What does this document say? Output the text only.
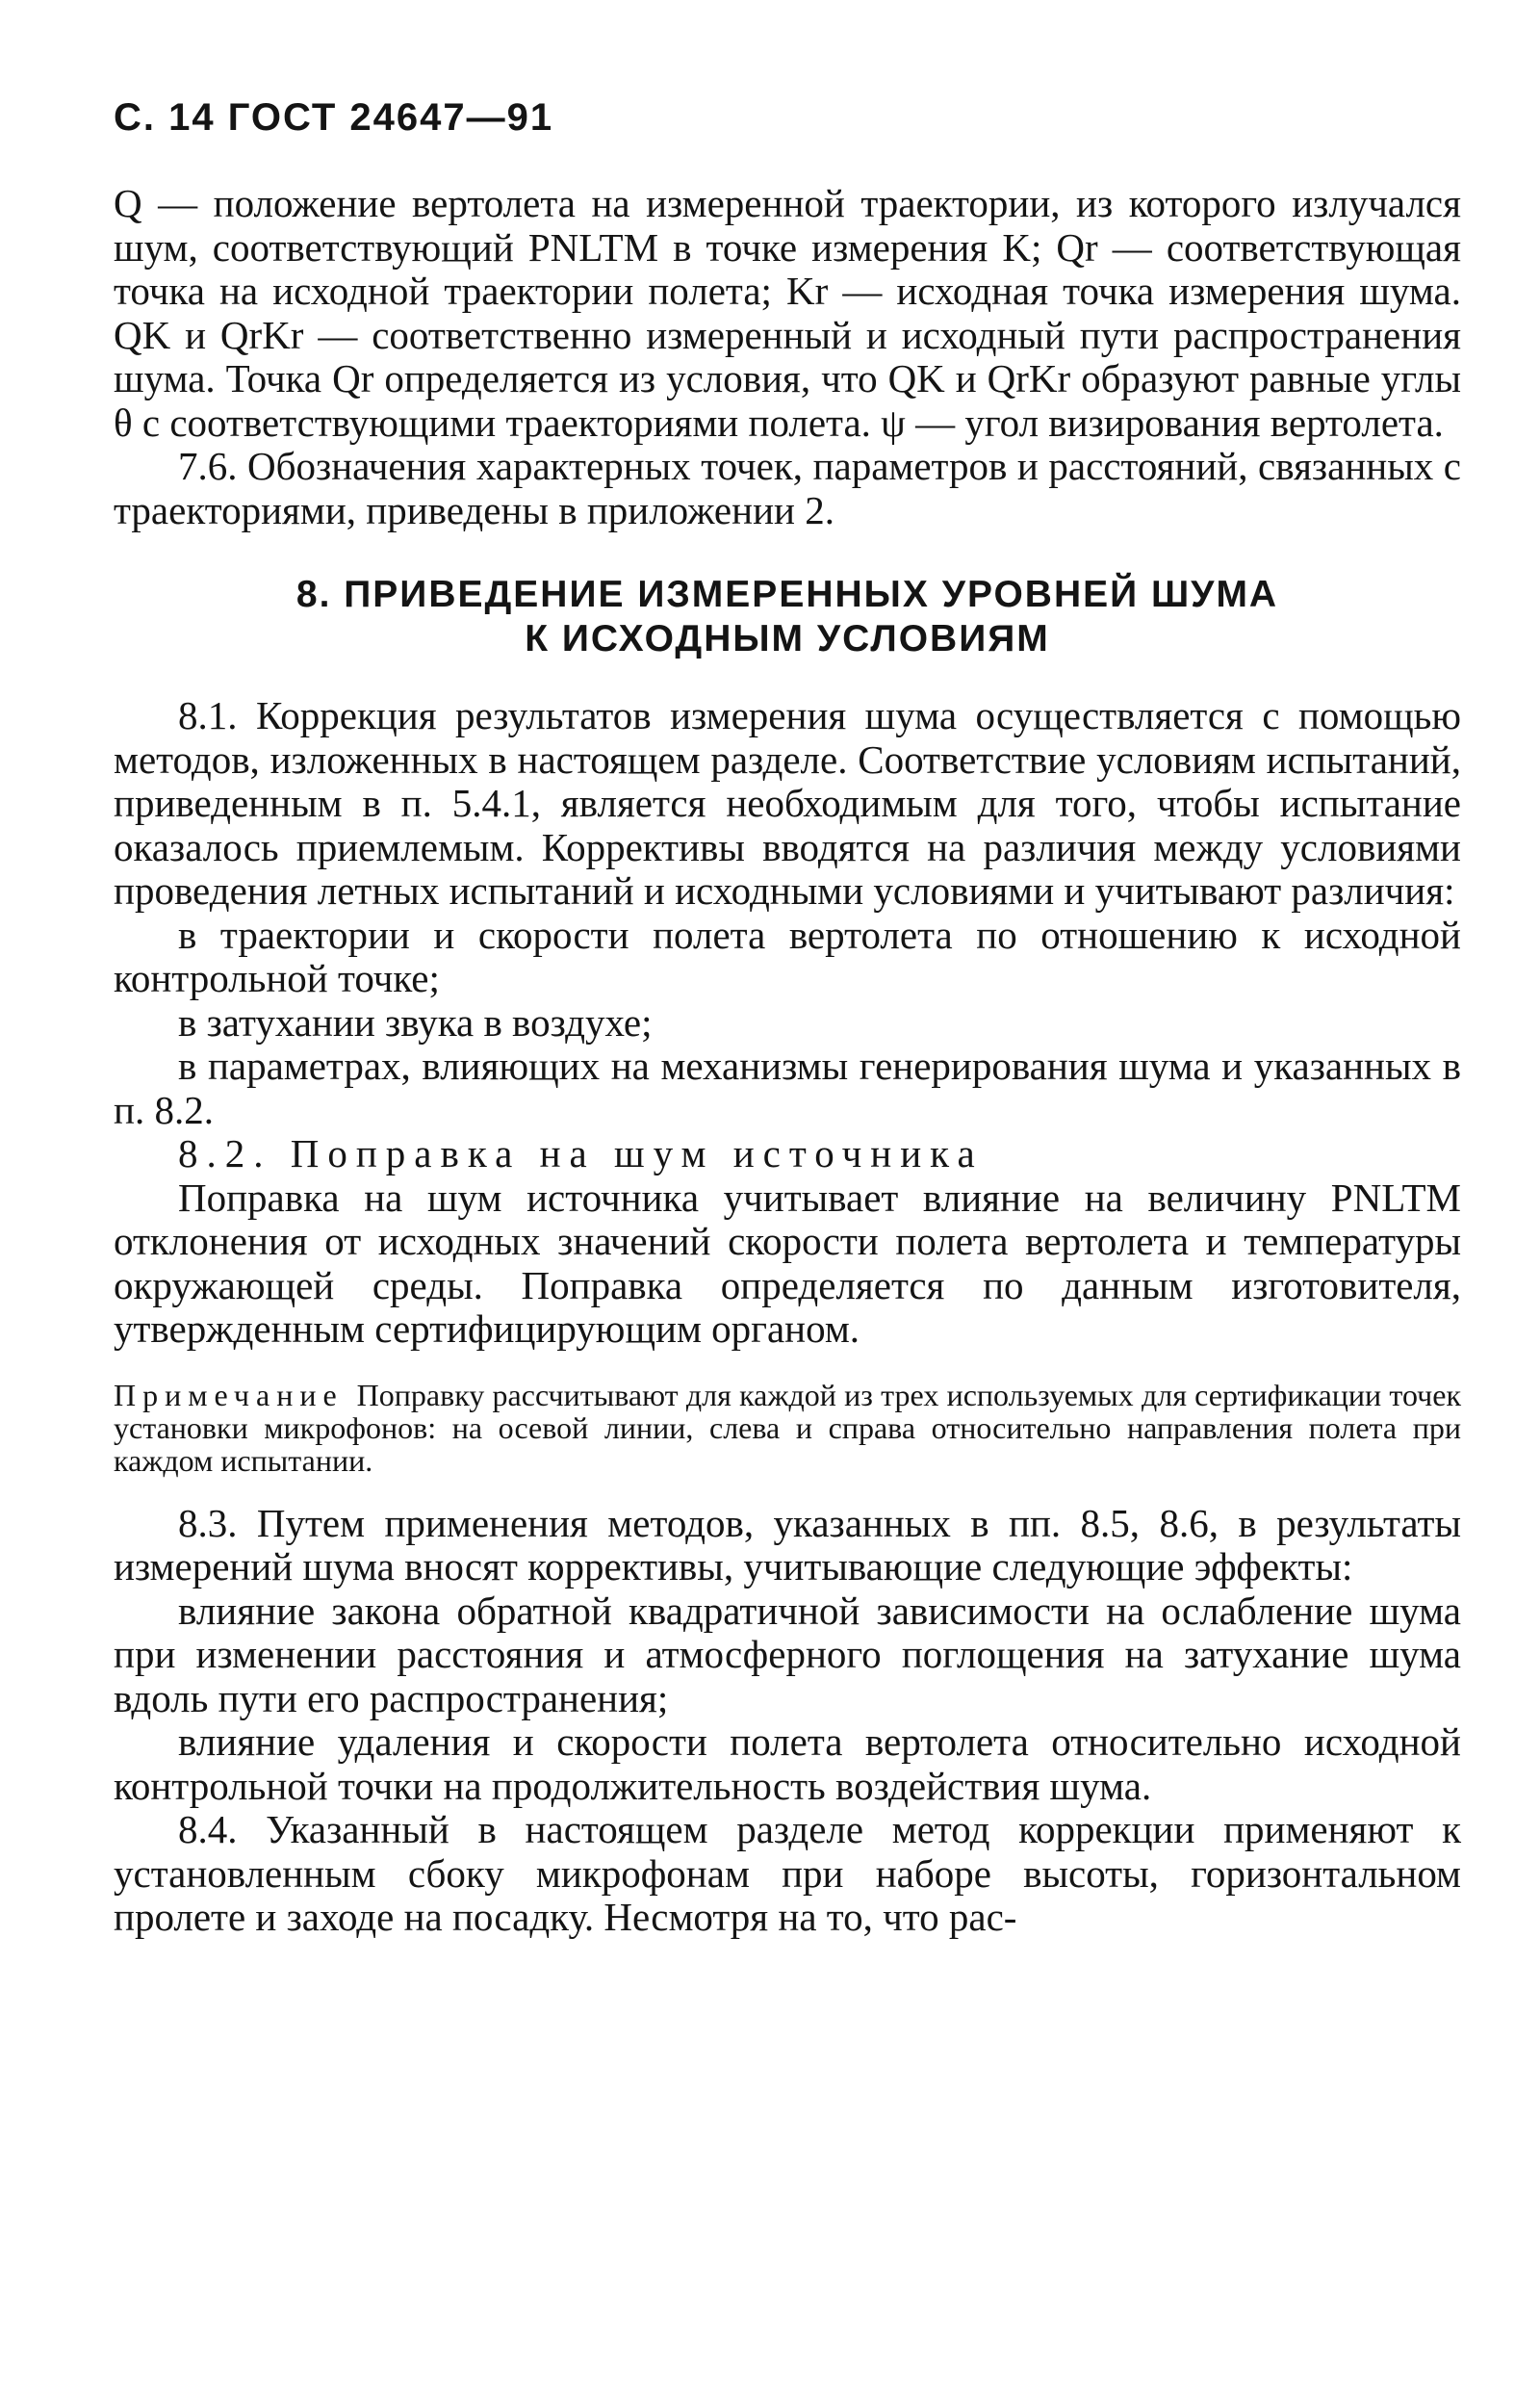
С. 14 ГОСТ 24647—91

Q — положение вертолета на измеренной траектории, из которого излучался шум, соответствующий PNLTM в точке измерения K; Qr — соответствующая точка на исходной траектории полета; Kr — исходная точка измерения шума. QK и QrKr — соответственно измеренный и исходный пути распространения шума. Точка Qr определяется из условия, что QK и QrKr образуют равные углы θ с соответствующими траекториями полета. ψ — угол визирования вертолета.

7.6. Обозначения характерных точек, параметров и расстояний, связанных с траекториями, приведены в приложении 2.

8. ПРИВЕДЕНИЕ ИЗМЕРЕННЫХ УРОВНЕЙ ШУМА
К ИСХОДНЫМ УСЛОВИЯМ

8.1. Коррекция результатов измерения шума осуществляется с помощью методов, изложенных в настоящем разделе. Соответствие условиям испытаний, приведенным в п. 5.4.1, является необходимым для того, чтобы испытание оказалось приемлемым. Коррективы вводятся на различия между условиями проведения летных испытаний и исходными условиями и учитывают различия:

в траектории и скорости полета вертолета по отношению к исходной контрольной точке;

в затухании звука в воздухе;

в параметрах, влияющих на механизмы генерирования шума и указанных в п. 8.2.

8.2. Поправка на шум источника

Поправка на шум источника учитывает влияние на величину PNLTM отклонения от исходных значений скорости полета вертолета и температуры окружающей среды. Поправка определяется по данным изготовителя, утвержденным сертифицирующим органом.

Примечание Поправку рассчитывают для каждой из трех используемых для сертификации точек установки микрофонов: на осевой линии, слева и справа относительно направления полета при каждом испытании.

8.3. Путем применения методов, указанных в пп. 8.5, 8.6, в результаты измерений шума вносят коррективы, учитывающие следующие эффекты:

влияние закона обратной квадратичной зависимости на ослабление шума при изменении расстояния и атмосферного поглощения на затухание шума вдоль пути его распространения;

влияние удаления и скорости полета вертолета относительно исходной контрольной точки на продолжительность воздействия шума.

8.4. Указанный в настоящем разделе метод коррекции применяют к установленным сбоку микрофонам при наборе высоты, горизонтальном пролете и заходе на посадку. Несмотря на то, что рас-
